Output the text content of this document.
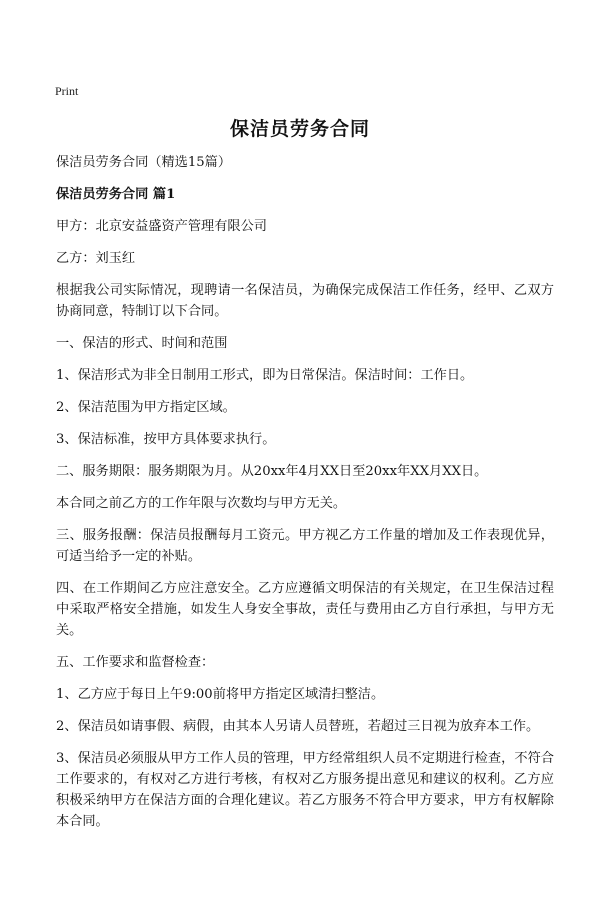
Print
保洁员劳务合同

保洁员劳务合同（精选15篇）

保洁员劳务合同 篇1

甲方：北京安益盛资产管理有限公司

乙方：刘玉红

根据我公司实际情况，现聘请一名保洁员，为确保完成保洁工作任务，经甲、乙双方协商同意，特制订以下合同。

一、保洁的形式、时间和范围

1、保洁形式为非全日制用工形式，即为日常保洁。保洁时间：工作日。

2、保洁范围为甲方指定区域。

3、保洁标准，按甲方具体要求执行。

二、服务期限：服务期限为月。从20xx年4月XX日至20xx年XX月XX日。

本合同之前乙方的工作年限与次数均与甲方无关。

三、服务报酬：保洁员报酬每月工资元。甲方视乙方工作量的增加及工作表现优异，可适当给予一定的补贴。

四、在工作期间乙方应注意安全。乙方应遵循文明保洁的有关规定，在卫生保洁过程中采取严格安全措施，如发生人身安全事故，责任与费用由乙方自行承担，与甲方无关。

五、工作要求和监督检查：

1、乙方应于每日上午9:00前将甲方指定区域清扫整洁。

2、保洁员如请事假、病假，由其本人另请人员替班，若超过三日视为放弃本工作。

3、保洁员必须服从甲方工作人员的管理，甲方经常组织人员不定期进行检查，不符合工作要求的，有权对乙方进行考核，有权对乙方服务提出意见和建议的权利。乙方应积极采纳甲方在保洁方面的合理化建议。若乙方服务不符合甲方要求，甲方有权解除本合同。
